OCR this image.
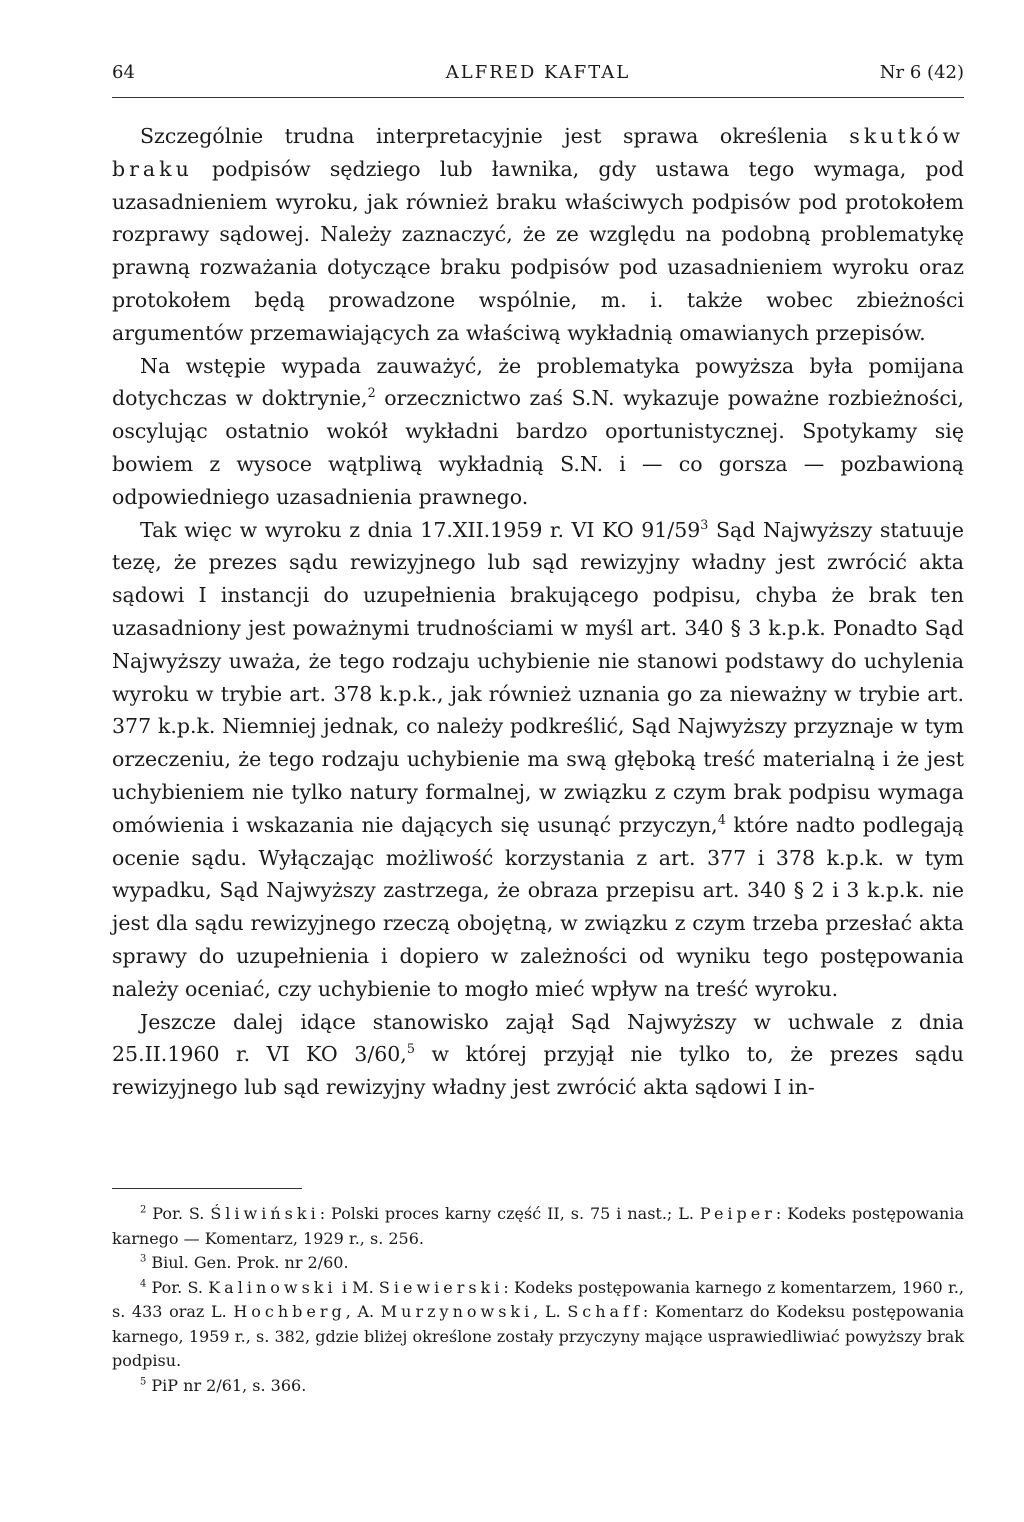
64	ALFRED KAFTAL	Nr 6 (42)

Szczególnie trudna interpretacyjnie jest sprawa określenia skutków braku podpisów sędziego lub ławnika, gdy ustawa tego wymaga, pod uzasadnieniem wyroku, jak również braku właściwych podpisów pod protokołem rozprawy sądowej. Należy zaznaczyć, że ze względu na podobną problematykę prawną rozważania dotyczące braku podpisów pod uzasadnieniem wyroku oraz protokołem będą prowadzone wspólnie, m. i. także wobec zbieżności argumentów przemawiających za właściwą wykładnią omawianych przepisów.

Na wstępie wypada zauważyć, że problematyka powyższa była pomijana dotychczas w doktrynie,$^2$ orzecznictwo zaś S.N. wykazuje poważne rozbieżności, oscylując ostatnio wokół wykładni bardzo oportunistycznej. Spotykamy się bowiem z wysoce wątpliwą wykładnią S.N. i — co gorsza — pozbawioną odpowiedniego uzasadnienia prawnego.

Tak więc w wyroku z dnia 17.XII.1959 r. VI KO $91/59^3$ Sąd Najwyższy statuuje tezę, że prezes sądu rewizyjnego lub sąd rewizyjny władny jest zwrócić akta sądowi I instancji do uzupełnienia brakującego podpisu, chyba że brak ten uzasadniony jest poważnymi trudnościami w myśl art. 340 § 3 k.p.k. Ponadto Sąd Najwyższy uważa, że tego rodzaju uchybienie nie stanowi podstawy do uchylenia wyroku w trybie art. 378 k.p.k., jak również uznania go za nieważny w trybie art. 377 k.p.k. Niemniej jednak, co należy podkreślić, Sąd Najwyższy przyznaje w tym orzeczeniu, że tego rodzaju uchybienie ma swą głęboką treść materialną i że jest uchybieniem nie tylko natury formalnej, w związku z czym brak podpisu wymaga omówienia i wskazania nie dających się usunąć przyczyn,$^4$ które nadto podlegają ocenie sądu. Wyłączając możliwość korzystania z art. 377 i 378 k.p.k. w tym wypadku, Sąd Najwyższy zastrzega, że obraza przepisu art. 340 § 2 i 3 k.p.k. nie jest dla sądu rewizyjnego rzeczą obojętną, w związku z czym trzeba przesłać akta sprawy do uzupełnienia i dopiero w zależności od wyniku tego postępowania należy oceniać, czy uchybienie to mogło mieć wpływ na treść wyroku.

Jeszcze dalej idące stanowisko zajął Sąd Najwyższy w uchwale z dnia 25.II.1960 r. VI KO 3/60,$^5$ w której przyjął nie tylko to, że prezes sądu rewizyjnego lub sąd rewizyjny władny jest zwrócić akta sądowi I in-

$^2$ Por. S. Śliwiński: Polski proces karny część II, s. 75 i nast.; L. Peiper: Kodeks postępowania karnego — Komentarz, 1929 r., s. 256.

$^3$ Biul. Gen. Prok. nr 2/60.

$^4$ Por. S. Kalinowski i M. Siewierski: Kodeks postępowania karnego z komentarzem, 1960 r., s. 433 oraz L. Hochberg, A. Murzynowski, L. Schaff: Komentarz do Kodeksu postępowania karnego, 1959 r., s. 382, gdzie bliżej określone zostały przyczyny mające usprawiedliwiać powyższy brak podpisu.

$^5$ PiP nr 2/61, s. 366.
